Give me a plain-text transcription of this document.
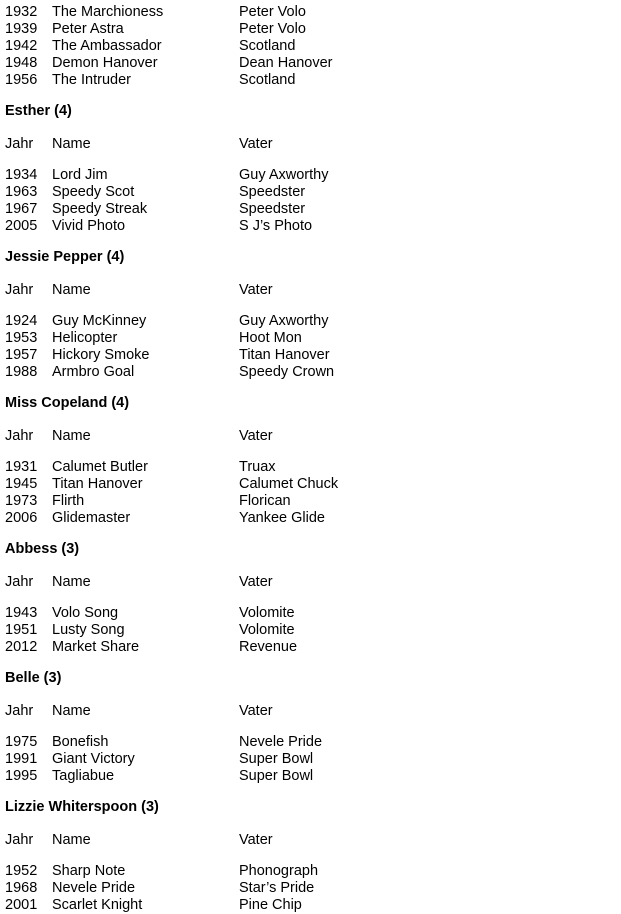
1932 The Marchioness	Peter Volo
1939 Peter Astra	Peter Volo
1942 The Ambassador	Scotland
1948 Demon Hanover	Dean Hanover
1956 The Intruder	Scotland
Esther (4)
Jahr Name	Vater
1934 Lord Jim	Guy Axworthy
1963 Speedy Scot	Speedster
1967 Speedy Streak	Speedster
2005 Vivid Photo	S J’s Photo
Jessie Pepper (4)
Jahr Name	Vater
1924 Guy McKinney	Guy Axworthy
1953 Helicopter	Hoot Mon
1957 Hickory Smoke	Titan Hanover
1988 Armbro Goal	Speedy Crown
Miss Copeland (4)
Jahr Name	Vater
1931 Calumet Butler	Truax
1945 Titan Hanover	Calumet Chuck
1973 Flirth	Florican
2006 Glidemaster	Yankee Glide
Abbess (3)
Jahr Name	Vater
1943 Volo Song	Volomite
1951 Lusty Song	Volomite
2012 Market Share	Revenue
Belle (3)
Jahr Name	Vater
1975 Bonefish	Nevele Pride
1991 Giant Victory	Super Bowl
1995 Tagliabue	Super Bowl
Lizzie Whiterspoon (3)
Jahr Name	Vater
1952 Sharp Note	Phonograph
1968 Nevele Pride	Star’s Pride
2001 Scarlet Knight	Pine Chip
